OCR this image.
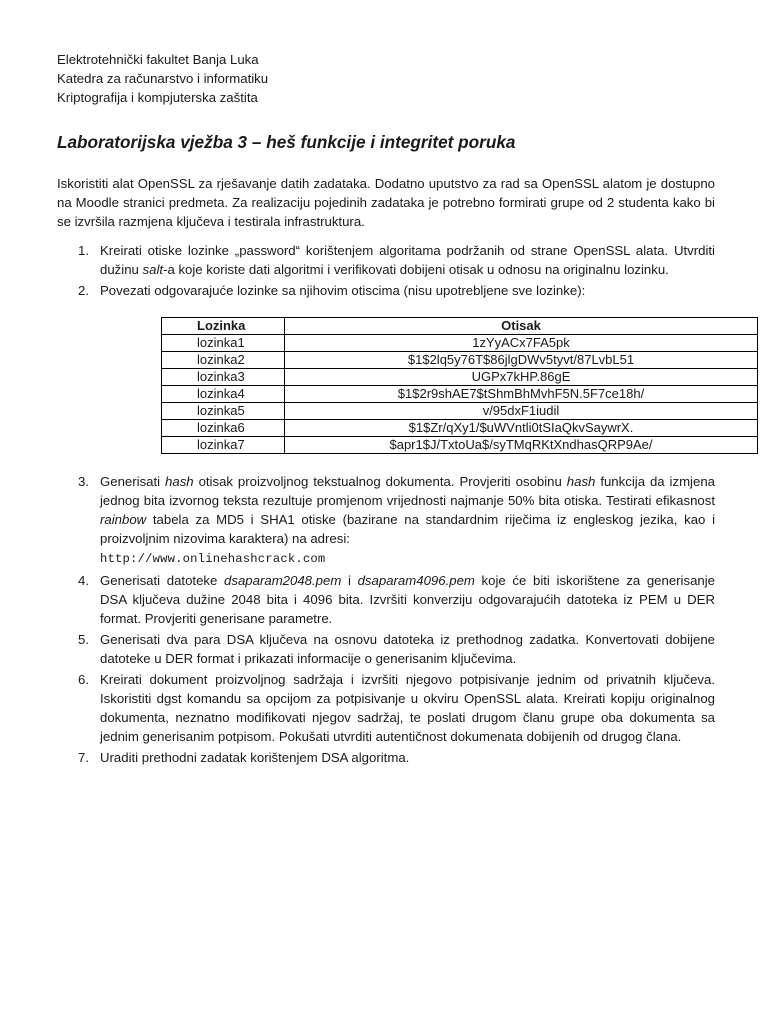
Elektrotehnički fakultet Banja Luka
Katedra za računarstvo i informatiku
Kriptografija i kompjuterska zaštita
Laboratorijska vježba 3 – heš funkcije i integritet poruka
Iskoristiti alat OpenSSL za rješavanje datih zadataka. Dodatno uputstvo za rad sa OpenSSL alatom je dostupno na Moodle stranici predmeta. Za realizaciju pojedinih zadataka je potrebno formirati grupe od 2 studenta kako bi se izvršila razmjena ključeva i testirala infrastruktura.
1. Kreirati otiske lozinke „password“ korištenjem algoritama podržanih od strane OpenSSL alata. Utvrditi dužinu salt-a koje koriste dati algoritmi i verifikovati dobijeni otisak u odnosu na originalnu lozinku.
2. Povezati odgovarajuće lozinke sa njihovim otiscima (nisu upotrebljene sve lozinke):
Lozinka	Otisak
lozinka1	1zYyACx7FA5pk
lozinka2	$1$2lq5y76T$86jlgDWv5tyvt/87LvbL51
lozinka3	UGPx7kHP.86gE
lozinka4	$1$2r9shAE7$tShmBhMvhF5N.5F7ce18h/
lozinka5	v/95dxF1iudil
lozinka6	$1$Zr/qXy1/$uWVntli0tSIaQkvSaywrX.
lozinka7	$apr1$J/TxtoUa$/syTMqRKtXndhasQRP9Ae/
3. Generisati hash otisak proizvoljnog tekstualnog dokumenta. Provjeriti osobinu hash funkcija da izmjena jednog bita izvornog teksta rezultuje promjenom vrijednosti najmanje 50% bita otiska. Testirati efikasnost rainbow tabela za MD5 i SHA1 otiske (bazirane na standardnim riječima iz engleskog jezika, kao i proizvoljnim nizovima karaktera) na adresi:
http://www.onlinehashcrack.com
4. Generisati datoteke dsaparam2048.pem i dsaparam4096.pem koje će biti iskorištene za generisanje DSA ključeva dužine 2048 bita i 4096 bita. Izvršiti konverziju odgovarajućih datoteka iz PEM u DER format. Provjeriti generisane parametre.
5. Generisati dva para DSA ključeva na osnovu datoteka iz prethodnog zadatka. Konvertovati dobijene datoteke u DER format i prikazati informacije o generisanim ključevima.
6. Kreirati dokument proizvoljnog sadržaja i izvršiti njegovo potpisivanje jednim od privatnih ključeva. Iskoristiti dgst komandu sa opcijom za potpisivanje u okviru OpenSSL alata. Kreirati kopiju originalnog dokumenta, neznatno modifikovati njegov sadržaj, te poslati drugom članu grupe oba dokumenta sa jednim generisanim potpisom. Pokušati utvrditi autentičnost dokumenata dobijenih od drugog člana.
7. Uraditi prethodni zadatak korištenjem DSA algoritma.
